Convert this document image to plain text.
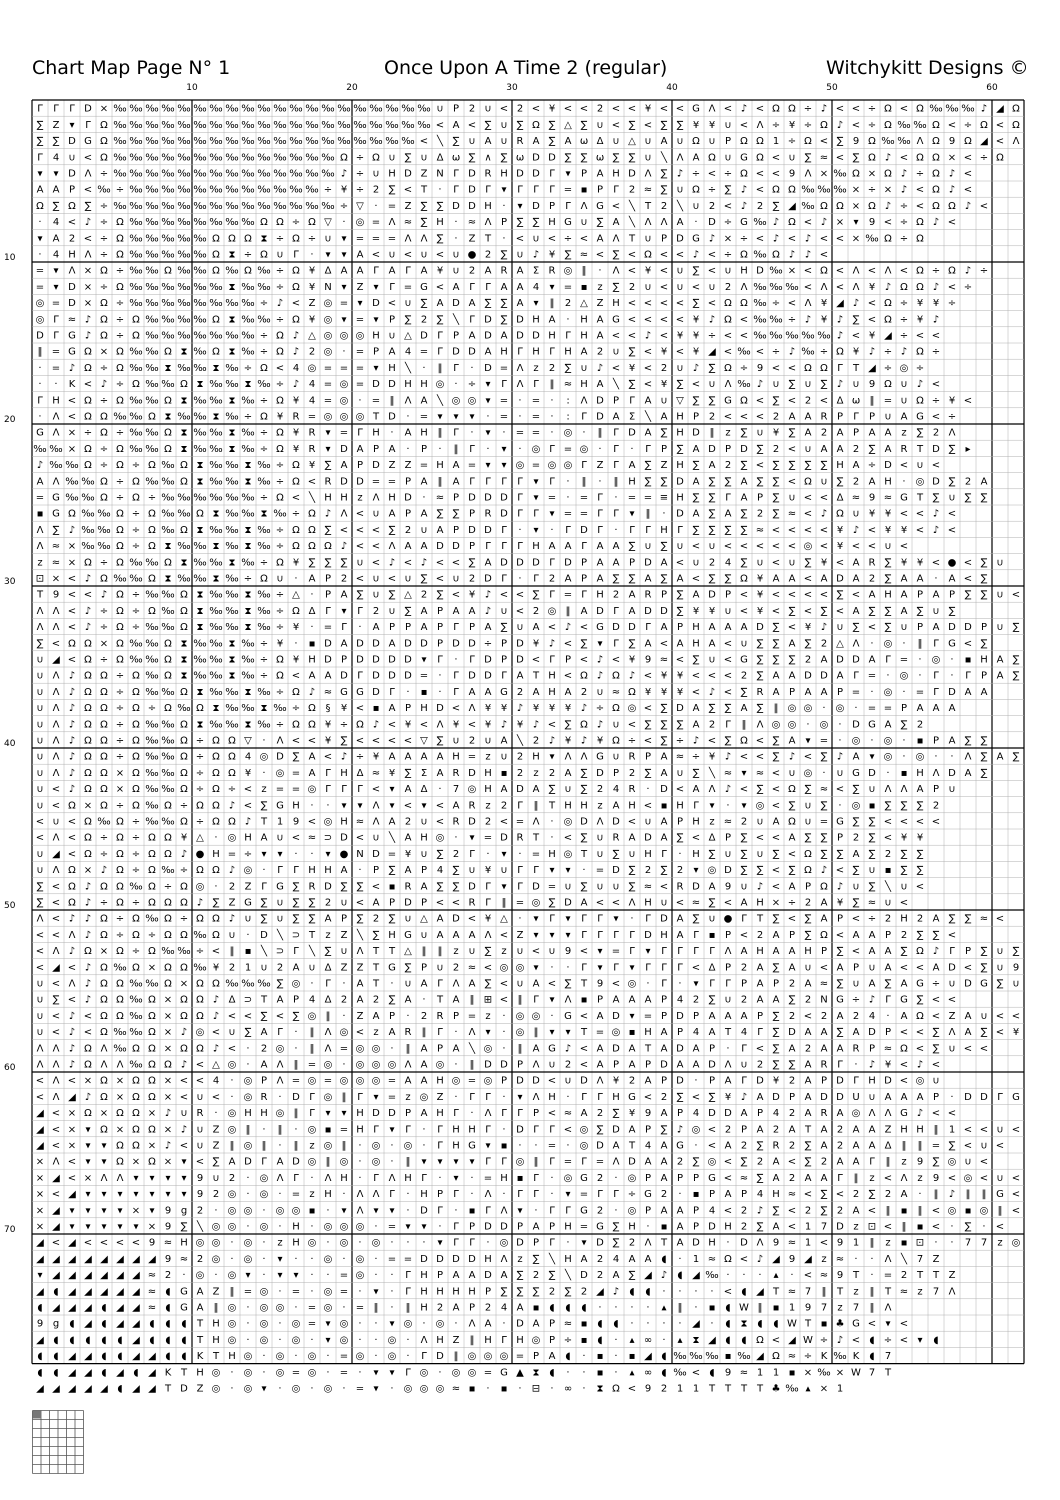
Chart Map Page N° 1	Once Upon A Time 2 (regular)	Witchykitt Designs ©
10	20	30	40	50	60
10
20
30
40
50
60
70
Γ Γ Γ D × ‰ ‰ ‰ ‰ ‰ ‰ ‰ ‰ ‰ ‰ ‰ ‰ ‰ ‰ ‰ ‰ ‰ ‰ ‰ ‰ ∪ P 2 ∪ < 2 < ¥ < < 2 < < ¥ < < G Λ < ♪ < Ω Ω ÷ ♪ < < ÷ Ω < Ω ‰ ‰ ‰ ♪ ◢ Ω
∑ Z ▾ Γ Ω ‰ ‰ ‰ ‰ ‰ ‰ ‰ ‰ ‰ ‰ ‰ ‰ ‰ ‰ ‰ ‰ ‰ ‰ ‰ ‰ < A < ∑ ∪ ∑ Ω ∑ △ ∑ ∪ < ∑ < ∑ ∑ ¥ ¥ ∪ < Λ ÷ ¥ ÷ Ω ♪ < ÷ Ω ‰ ‰ Ω < ÷ Ω < Ω
∑ ∑ D G Ω ‰ ‰ ‰ ‰ ‰ ‰ ‰ ‰ ‰ ‰ ‰ ‰ ‰ ‰ ‰ ‰ ‰ ‰ ‰ < ╲ ∑ ∪ A ∪ R A ∑ Α ω Δ ∪ △ ∪ A ∪ Ω ∪ Ρ Ω Ω 1 ÷ Ω < ∑ 9 Ω ‰ ‰ Λ Ω 9 Ω ◢ < Λ
Γ 4 ∪ < Ω ‰ ‰ ‰ ‰ ‰ ‰ ‰ ‰ ‰ ‰ ‰ ‰ ‰ ‰ Ω ÷ Ω ∪ ∑ ∪ Δ ω ∑ ∧ ∑ ω D D ∑ ∑ ω ∑ ∑ ∪ ╲ Λ Α Ω ∪ G Ω < ∪ ∑ ≈ < ∑ Ω ♪ < Ω Ω × < ÷ Ω
▾ ▾ D Λ ÷ ‰ ‰ ‰ ‰ ‰ ‰ ‰ ‰ ‰ ‰ ‰ ‰ ‰ ‰ ♪ ÷ ∪ H D Z N Γ D R H D D Γ ▾ P A H D Λ ∑ ♪ ÷ < ÷ Ω < < 9 Λ × ‰ Ω × Ω ♪ ÷ Ω ♪ <
A A P < ‰ ÷ ‰ ‰ ‰ ‰ ‰ ‰ ‰ ‰ ‰ ‰ ‰ ‰ ÷ ¥ ÷ 2 ∑ < T · Γ D Γ ▾ Γ Γ Γ = ▪ P Γ 2 ≈ ∑ ∪ Ω ÷ ∑ ♪ < Ω Ω ‰ ‰ ‰ × ÷ × ♪ < Ω ♪ <
Ω ∑ Ω ∑ ÷ ‰ ‰ ‰ ‰ ‰ ‰ ‰ ‰ ‰ ‰ ‰ ‰ ‰ ‰ ÷ ▽ · = Z ∑ ∑ D D H · ▾ D P Γ Λ G < ╲ T 2 ╲ ∪ 2 < ♪ 2 ∑ ◢ ‰ Ω Ω × Ω ♪ ÷ < Ω Ω ♪ <
· 4 < ♪ ÷ Ω ‰ ‰ ‰ ‰ ‰ ‰ ‰ ‰ Ω Ω ÷ Ω ▽ · ◎ = Λ ≈ ∑ H · ≈ Λ P ∑ ∑ H G ∪ ∑ A ╲ Λ Λ A · D ÷ G ‰ ♪ Ω < ♪ × ▾ 9 < ÷ Ω ♪ <
▾ A 2 < ÷ Ω ‰ ‰ ‰ ‰ ‰ Ω Ω Ω ⧗ ÷ Ω ÷ ∪ ▾ = = = Λ Λ ∑ · Z T · < ∪ < ÷ < A Λ T ∪ P D G ♪ × ÷ < ♪ < ♪ < < × ‰ Ω ÷ Ω
· 4 H Λ ÷ Ω ‰ ‰ ‰ ‰ ‰ Ω ⧗ ÷ Ω ∪ Γ · ▾ ▾ A < ∪ < ∪ < ∪ ● 2 ∑ ∪ ♪ ¥ ∑ ≈ < ∑ < Ω < < ♪ < ÷ Ω ‰ Ω ♪ ♪ <
= ▾ Λ × Ω ÷ ‰ ‰ Ω ‰ ‰ Ω ‰ Ω ‰ ÷ Ω ¥ Δ Α Α Γ Α Γ Α ¥ ∪ 2 A R A Σ R ◎ ‖ · Λ < ¥ < ∪ ∑ < ∪ H D ‰ × < Ω < Λ < Λ < Ω ÷ Ω ♪ ÷
= ▾ D × ÷ Ω ‰ ‰ ‰ ‰ ‰ ‰ ⧗ ‰ ‰ ÷ Ω ¥ N ▾ Z ▾ Γ = G < Α Γ Γ Α A 4 ▾ = ▪ z ∑ 2 ∪ < ∪ < ∪ 2 Λ ‰ ‰ ‰ < Λ < Λ ¥ ♪ Ω Ω ♪ < ÷
◎ = D × Ω ÷ ‰ ‰ ‰ ‰ ‰ ‰ ‰ ‰ ÷ ♪ < Z ◎ = ▾ D < ∪ ∑ A D A ∑ ∑ A ▾ ‖ 2 △ Z H < < < < ∑ < Ω Ω ‰ ÷ < Λ ¥ ◢ ♪ < Ω ÷ ¥ ¥ ÷
◎ Γ ≈ ♪ Ω ÷ Ω ‰ ‰ ‰ ‰ Ω ⧗ ‰ ‰ ÷ Ω ¥ ◎ ▾ = ▾ P ∑ 2 ∑ ╲ Γ D ∑ D H A · H A G < < < < ¥ ♪ Ω < ‰ ‰ ÷ ♪ ¥ ♪ ∑ < Ω ÷ ¥ ♪
D Γ G ♪ Ω ÷ Ω ‰ ‰ ‰ ‰ ‰ ‰ ‰ ÷ Ω ♪ △ ◎ ◎ ◎ H ∪ △ D Γ P A D A D D H Γ H A < < ♪ < ¥ ¥ ÷ < < ‰ ‰ ‰ ‰ ‰ ♪ < ¥ ◢ ÷ < <
‖ = G Ω × Ω ‰ ‰ Ω ⧗ ‰ Ω ⧗ ‰ ÷ Ω ♪ 2 ◎ · = Ρ Α 4 = Γ D D A H Γ H Γ H A 2 ∪ ∑ < ¥ < ¥ ◢ < ‰ < ÷ ♪ ‰ ÷ Ω ¥ ♪ ÷ ♪ Ω ÷
· = ♪ Ω ÷ Ω ‰ ‰ ⧗ ‰ ‰ ⧗ ‰ ÷ Ω < 4 ◎ = = = ▾ H ╲ · ‖ Γ · D = Λ z 2 ∑ ∪ ♪ < ¥ < 2 ∪ ♪ ∑ Ω ÷ 9 < < Ω Ω Γ T ◢ ÷ ◎ ÷
· · K < ♪ ÷ Ω ‰ ‰ Ω ⧗ ‰ ‰ ⧗ ‰ ÷ ♪ 4 = ◎ = D D H H ◎ · ÷ ▾ Γ Λ Γ ‖ ≈ H A ╲ ∑ < ¥ ∑ < ∪ Λ ‰ ♪ ∪ ∑ ∪ ∑ ♪ ∪ 9 Ω ∪ ♪ <
Γ H < Ω ÷ Ω ‰ ‰ Ω ⧗ ‰ ‰ ⧗ ‰ ÷ Ω ¥ 4 = ◎ · = ‖ Λ A ╲ ◎ ◎ ▾ = · = · : Λ D P Γ Α ∪ ▽ ∑ ∑ G Ω < ∑ < 2 < Δ ω ‖ = ∪ Ω ÷ ¥ <
· Λ < Ω Ω ‰ ‰ Ω ⧗ ‰ ‰ ⧗ ‰ ÷ Ω ¥ R = ◎ ◎ ◎ T D · = ▾ ▾ ▾ · = · = · : Γ D A Σ ╲ A H P 2 < < < 2 A A R P Γ P ∪ A G < ÷
G Λ × ÷ Ω ÷ ‰ ‰ Ω ⧗ ‰ ‰ ⧗ ‰ ÷ Ω ¥ R ▾ = Γ H · A H ‖ Γ · ▾ · = = · ◎ · ‖ Γ D A ∑ H D ‖ z ∑ ∪ ¥ ∑ A 2 A P A A z ∑ 2 Λ
‰ ‰ × Ω ÷ Ω ‰ ‰ Ω ⧗ ‰ ‰ ⧗ ‰ ÷ Ω ¥ R ▾ D A P A · P · ‖ Γ · ▾ · ◎ Γ = ◎ · Γ · Γ P ∑ A D P D ∑ 2 < ∪ A A 2 ∑ A R T D ∑ ▸
♪ ‰ ‰ Ω ÷ Ω ÷ Ω ‰ Ω ⧗ ‰ ‰ ⧗ ‰ ÷ Ω ¥ ∑ A P D Z Z = H A = ▾ ▾ ◎ = ◎ ◎ Γ Z Γ A ∑ Z H ∑ A 2 ∑ < ∑ ∑ ∑ ∑ H A ÷ D < ∪ <
A Λ ‰ ‰ Ω ÷ Ω ‰ ‰ Ω ⧗ ‰ ‰ ⧗ ‰ ÷ Ω < R D D = = Ρ Α ‖ A Γ Γ Γ Γ ▾ Γ · ‖ · ‖ H ∑ ∑ D A ∑ ∑ A ∑ ∑ < Ω ∪ ∑ 2 A H · ◎ D ∑ 2 A
= G ‰ ‰ Ω ÷ Ω ÷ ‰ ‰ ‰ ‰ ‰ ‰ ÷ Ω < ╲ H H z Λ H D · ≈ P D D D Γ ▾ = · = Γ · = = ≡ H ∑ ∑ Γ A P ∑ ∪ < < Δ ≈ 9 ≈ G T ∑ ∪ ∑ ∑
▪ G Ω ‰ ‰ Ω ÷ Ω ‰ ‰ Ω ⧗ ‰ ‰ ⧗ ‰ ÷ Ω ♪ Λ < ∪ A P A ∑ ∑ P R D Γ Γ ▾ = = Γ Γ ▾ ‖ · D A ∑ A ∑ 2 ∑ ≈ < ♪ Ω ∪ ¥ ¥ < < ♪ <
Λ ∑ ♪ ‰ ‰ Ω ÷ Ω ‰ Ω ⧗ ‰ ‰ ⧗ ‰ ÷ Ω Ω ∑ < < < ∑ 2 ∪ A P D D Γ · ▾ · Γ D Γ · Γ Γ H Γ ∑ ∑ ∑ ∑ ≈ < < < < ¥ ♪ < ¥ ¥ < ♪ <
Λ ≈ × ‰ ‰ Ω ÷ Ω ⧗ ‰ ‰ ⧗ ‰ ⧗ ‰ ÷ Ω Ω Ω ♪ < < Λ A A D D P Γ Γ Γ H A A Γ A A ∑ ∪ ∑ ∪ < ∪ < < < < < ◎ < ¥ < < ∪ <
z ≈ × Ω ÷ Ω ‰ ‰ Ω ⧗ ‰ ‰ ⧗ ‰ ÷ Ω ¥ ∑ ∑ ∑ ∪ < ♪ < ♪ < < ∑ A D D D Γ D P A A P D A < ∪ 2 4 ∑ ∪ < ∪ ∑ ¥ < A R ∑ ¥ ¥ < ● < ∑ ∪
⊡ × < ♪ Ω ‰ ‰ Ω ⧗ ‰ ‰ ⧗ ‰ ÷ Ω ∪ · A P 2 < ∪ < ∪ ∑ < ∪ 2 D Γ · Γ 2 A P A ∑ ∑ A ∑ A < ∑ ∑ Ω ¥ A A < A D A 2 ∑ A A · A < ∑
T 9 < < ♪ Ω ÷ ‰ ‰ Ω ⧗ ‰ ‰ ⧗ ‰ ÷ △ · P A ∑ ∪ ∑ △ 2 ∑ < ¥ ♪ < < ∑ Γ = Γ H 2 A R P ∑ A D P < ¥ < < < < ∑ < A H A P A P ∑ ∑ ∪ <
Λ Λ < ♪ ÷ Ω ÷ Ω ‰ Ω ⧗ ‰ ‰ ⧗ ‰ ÷ Ω Δ Γ ▾ Γ 2 ∪ ∑ A P A A ♪ ∪ < 2 ◎ ‖ A D Γ A D D ∑ ¥ ¥ ∪ < ¥ < ∑ < ∑ < A ∑ ∑ A ∑ ∪ ∑
Λ Λ < ♪ ÷ Ω ÷ ‰ ‰ Ω ⧗ ‰ ‰ ⧗ ‰ ÷ ¥ · = Γ · Α P P A P Γ P A ∑ ∪ Α < ♪ < G D D Γ Α P H A A A D ∑ < ¥ ♪ ∪ ∑ < ∑ ∪ P A D D P ∪ ∑
∑ < Ω Ω × Ω ‰ ‰ Ω ⧗ ‰ ‰ ⧗ ‰ ÷ ¥ · ▪ D A D D A D D P D D ÷ P D ¥ ♪ < ∑ ▾ Γ ∑ Α < A H A < ∪ ∑ ∑ A ∑ 2 △ Λ · ◎ · ‖ Γ G < ∑
∪ ◢ < Ω ÷ Ω ‰ ‰ Ω ⧗ ‰ ‰ ⧗ ‰ ÷ Ω ¥ H D P D D D D ▾ Γ · Γ D P D < Γ P < ♪ < ¥ 9 ≈ < ∑ ∪ < G ∑ ∑ ∑ 2 A D D A Γ = · ◎ · ▪ H A ∑
∪ Λ ♪ Ω Ω ÷ Ω ‰ Ω ⧗ ‰ ‰ ⧗ ‰ ÷ Ω < A A D Γ D D D = · Γ D D Γ A T H < Ω ♪ Ω ♪ < ¥ ¥ < < < 2 ∑ A A D D A Γ = · ◎ · Γ · Γ P A ∑
∪ Λ ♪ Ω Ω ÷ Ω ‰ ‰ Ω ⧗ ‰ ‰ ⧗ ‰ ÷ Ω ♪ ≈ G G D Γ · ▪ · Γ A A G 2 A H A 2 ∪ ≈ Ω ¥ ¥ ¥ < ♪ < ∑ R A P A A P = · ◎ · = Γ D A A
∪ Λ ♪ Ω Ω ÷ Ω ÷ Ω ‰ Ω ⧗ ‰ ‰ ⧗ ‰ ÷ Ω § ¥ < ▪ A P H D < Λ ¥ ¥ ♪ ¥ ¥ ¥ ♪ ÷ Ω ◎ < ∑ D A ∑ ∑ A ∑ ‖ ◎ ◎ · ◎ · = = P A A A
∪ Λ ♪ Ω Ω ÷ Ω ‰ ‰ Ω ⧗ ‰ ‰ ⧗ ‰ ÷ Ω Ω ¥ ÷ Ω ♪ < ¥ < Λ ¥ < ¥ ♪ ¥ ♪ < ∑ Ω ♪ ∪ < ∑ ∑ ∑ A 2 Γ ‖ Λ ◎ ◎ · ◎ · D G A ∑ 2
∪ Λ ♪ Ω Ω ÷ Ω ‰ ‰ Ω ÷ Ω Ω ▽ · Λ < < ¥ ∑ < < < < ▽ ∑ ∪ 2 ∪ A ╲ 2 ♪ ¥ ♪ ¥ Ω ÷ < ∑ ÷ ♪ < ∑ Ω < ∑ A ▾ = · ◎ · ◎ · ▪ P A ∑ ∑
∪ Λ ♪ Ω Ω ÷ Ω ‰ ‰ Ω ÷ Ω Ω 4 ◎ D ∑ Α < ♪ ÷ ¥ A A A A H = z ∪ 2 H ▾ Λ Λ G ∪ R P A ≈ ÷ ¥ ♪ < < ∑ ♪ < ∑ ♪ A ▾ ◎ · ◎ · · Λ ∑ A ∑
∪ Λ ♪ Ω Ω × Ω ‰ ‰ Ω ÷ Ω Ω ¥ · ◎ = Α Γ H Δ ≈ ¥ ∑ Σ A R D H ▪ 2 z 2 A ∑ D P 2 ∑ A ∪ ∑ ╲ ≈ ▾ ≈ < ∪ ◎ · ∪ G D · ▪ H Λ D A ∑
∪ < ♪ Ω Ω × Ω ‰ ‰ Ω ÷ Ω ÷ < z = = ◎ Γ Γ Γ < ▾ Α Δ · 7 ◎ H A D A ∑ ∪ ∑ 2 4 R · D < A Λ ♪ < ∑ < Ω ∑ ≈ < ∑ ∪ Λ Λ A P ∪
∪ < Ω × Ω ÷ Ω ‰ Ω ÷ Ω Ω ♪ < ∑ G H · · ▾ ▾ Λ ▾ < ▾ < A R z 2 Γ ‖ T H H z A H < ▪ H Γ ▾ · ▾ ◎ < ∑ ∪ ∑ · ◎ ▪ ∑ ∑ ∑ 2
< ∪ < Ω ‰ Ω ÷ ‰ ‰ Ω ÷ Ω Ω ♪ T 1 9 < ◎ H ≈ Λ A 2 ∪ < R D 2 < = Λ · ◎ D Λ D < ∪ A P H z ≈ 2 ∪ A Ω ∪ = G ∑ ∑ < < < <
< Λ < Ω ÷ Ω ÷ Ω Ω ¥ △ · ◎ H A ∪ < ≈ ⊃ D < ∪ ╲ A H ◎ · ▾ = D R T · < ∑ ∪ R A D A ∑ < Δ P ∑ < < A ∑ ∑ P 2 ∑ < ¥ ¥
∪ ◢ < Ω ÷ Ω ÷ Ω Ω ♪ ● H = ÷ ▾ ▾ · · ▾ ● N D = ¥ ∪ ∑ 2 Γ · ▾ · = H ◎ T ∪ ∑ ∪ H Γ · H ∑ ∪ ∑ ∪ ∑ < Ω ∑ ∑ A ∑ 2 ∑ ∑
∪ Λ Ω × ♪ Ω ÷ Ω ‰ ÷ Ω Ω ♪ ◎ · Γ Γ H H A · P ∑ A P 4 ∑ ∪ ¥ ∪ Γ Γ ▾ ▾ · = D ∑ 2 ∑ 2 ▾ ◎ D ∑ ∑ < ∑ Ω ♪ < ∑ ∪ ▪ ∑ ∑
∑ < Ω ♪ Ω Ω ‰ Ω ÷ Ω ◎ · 2 Z Γ G ∑ R D ∑ ∑ < ▪ R A ∑ ∑ D Γ ▾ Γ D = ∪ ∑ ∪ ∪ ∑ ≈ < R D A 9 ∪ ♪ < A P Ω ♪ ∪ ∑ ╲ ∪ <
∑ < Ω ♪ ÷ Ω ÷ Ω Ω Ω ♪ ∑ Z G ∑ ∪ ∑ ∑ 2 ∪ < A P D P < < R Γ ‖ = ◎ ∑ D A < < Λ H ∪ < ≈ ∑ < A H × ÷ 2 A ¥ ∑ ≈ ∪ <
Λ < ♪ ♪ Ω ÷ Ω ‰ Ω ÷ Ω Ω ♪ ∪ ∑ ∪ ∑ ∑ A P ∑ 2 ∑ ∪ △ A D < ¥ △ · ▾ Γ ▾ Γ Γ ▾ · Γ D A ∑ ∪ ● Γ T ∑ < ∑ A P < ÷ 2 H 2 A ∑ ∑ ≈ <
< < Λ ♪ Ω ÷ Ω ÷ Ω Ω ‰ Ω ∪ · D ╲ ⊃ T z Z ╲ ∑ H G ∪ A A A Λ < Z ▾ ▾ ▾ Γ Γ Γ Γ D H A Γ ▪ P < 2 A P ∑ Ω < A A P 2 ∑ ∑ <
< Λ ♪ Ω × Ω ÷ Ω ‰ ‰ ÷ < ‖ ▪ ╲ ⊃ Γ ╲ ∑ ∪ Λ T T △ ‖ ‖ z ∪ ∑ z ∪ < ∪ 9 < ▾ = Γ ▾ Γ Γ Γ Γ Λ Α H A A H P ∑ < A A ∑ Ω ♪ Γ P ∑ ∪ ∑
< ◢ < ♪ Ω ‰ Ω × Ω Ω ‰ ¥ 2 1 ∪ 2 A ∪ Δ Z Z T G ∑ P ∪ 2 ≈ < ◎ ◎ ▾ · · Γ ▾ Γ ▾ Γ Γ Γ < Δ P 2 A ∑ A ∪ < A P ∪ A < < A D < ∑ ∪ 9
∪ < Λ ♪ Ω Ω ‰ ‰ Ω × Ω Ω ‰ ‰ ‰ ∑ ◎ · Γ · Α T · ∪ Α Γ Λ A ∑ < ∪ A < ∑ T 9 < ◎ · Γ · ▾ Γ Γ P A P 2 A ≈ ∑ ∪ A ∑ A G ÷ ∪ D G ∑ ∪
∪ ∑ < ♪ Ω Ω ‰ Ω × Ω Ω ♪ Δ ⊃ T A P 4 Δ 2 A 2 ∑ A · T A ‖ ⊞ < ‖ Γ ▾ Λ ▪ P A A A P 4 2 ∑ ∪ 2 A A ∑ 2 N G ÷ ♪ Γ G ∑ < <
∪ < ♪ < Ω Ω ‰ Ω × Ω Ω ♪ < < ∑ < ∑ ◎ ‖ · Z A P · 2 R P = z · ◎ ◎ · G < A D ▾ = P D P A A A P ∑ 2 < 2 A 2 4 · A Ω < Z A ∪ < <
∪ < ♪ < Ω ‰ ‰ Ω × ♪ ◎ < ∪ ∑ A Γ · ‖ Λ ◎ < z A R ‖ Γ · Λ ▾ · ◎ ‖ ▾ ▾ T = ◎ ▪ H A P 4 A T 4 Γ ∑ D A A ∑ A D P < < ∑ Λ A ∑ < ¥
Λ Λ ♪ Ω Λ ‰ Ω Ω × Ω Ω ♪ < · 2 ◎ · ‖ Λ = ◎ ◎ · ‖ A P A ╲ ◎ · ‖ A G ♪ < A D A T A D A P · Γ < ∑ A 2 A A R P ≈ Ω < ∑ ∪ < <
Λ Λ ♪ Ω Λ Λ ‰ Ω Ω ♪ < △ ◎ · A Λ ‖ = ◎ · ◎ ◎ ◎ Λ Α ◎ · ‖ D D P Λ ∪ 2 < A P A P D A A D Λ ∪ 2 ∑ ∑ A R Γ · ♪ ¥ < ♪ <
< Λ < × Ω × Ω Ω × < < 4 · ◎ P Λ = ◎ = ◎ ◎ ◎ = A A H ◎ = ◎ P D D < ∪ D Λ ¥ 2 A P D · P A Γ D ¥ 2 A P D Γ H D < ◎ ∪
< Λ ◢ ♪ Ω × Ω Ω × < ∪ < · ◎ R · D Γ ◎ ‖ Γ ▾ = z ◎ Z · Γ Γ · ▾ Λ H · Γ Γ H G < 2 ∑ < ∑ ¥ ♪ A D P A D D U ∪ A A A P · D D Γ G
◢ < × Ω × Ω Ω × ♪ ∪ R · ◎ H H ◎ ‖ Γ ▾ ▾ H D D P A H Γ · Λ Γ Γ P < ≈ A 2 ∑ ¥ 9 A P 4 D D A P 4 2 A R A ◎ Λ Λ G ♪ < <
◢ < × ▾ Ω × Ω Ω × ♪ ∪ Z ◎ ‖ · ‖ · ◎ ▪ = H Γ ▾ Γ · Γ H H Γ · D Γ Γ < ◎ ∑ D A P ∑ ♪ ◎ < 2 P A 2 A T A 2 A A Z H H ‖ 1 < < ∪ <
◢ < × ▾ ▾ Ω Ω × ♪ < ∪ Z ‖ ◎ ‖ · ‖ z ◎ ‖ · ◎ · ◎ · Γ H G ▾ ▪ · · = · ◎ D A T 4 A G · < A 2 ∑ R 2 ∑ A 2 A A Δ ‖ ‖ = ∑ < ∪ <
× Λ < ▾ ▾ Ω × Ω × ▾ < ∑ A D Γ Α D ◎ ‖ ◎ · ◎ · ‖ ▾ ▾ ▾ ▾ Γ Γ ◎ ‖ Γ = Γ = Λ D A A 2 ∑ ◎ < ∑ 2 A < ∑ 2 Α Α Γ ‖ z 9 ∑ ◎ ∪ <
× ◢ < × Λ Λ ▾ ▾ ▾ ▾ 9 ∪ 2 · ◎ Λ Γ · Λ H · Γ Λ H Γ · ▾ · = H ▪ Γ · ◎ G 2 · ◎ P A P P G < ≈ ∑ A 2 A Α Γ ‖ z < Λ z 9 < ◎ < ∪ <
× < ◢ ▾ ▾ ▾ ▾ ▾ ▾ ▾ 9 2 ◎ · ◎ · = z H · Λ Λ Γ · H P Γ · Λ · Γ Γ · ▾ = Γ Γ ÷ G 2 · ▪ P A P 4 H ≈ < ∑ < 2 ∑ 2 A · ‖ ♪ ‖ ‖ G <
× ◢ ▾ ▾ ▾ ▾ × ▾ 9 g 2 · ◎ ◎ · ◎ ◎ ▪ · ▾ Λ ▾ ▾ · D Γ · ▪ Γ Λ ▾ · Γ Γ G 2 · ◎ P A A P 4 < 2 ♪ ∑ < 2 ∑ 2 A < ‖ ▪ ‖ < ◎ ▪ ◎ ‖ <
× ◢ ▾ ▾ ▾ ▾ ▾ × 9 ∑ ╲ ◎ ◎ · ◎ · H · ◎ ◎ ◎ · = ▾ ▾ · Γ P D D P A P H = G ∑ H · ▪ A P D H 2 ∑ A < 1 7 D z ⊡ < ‖ ▪ < · ∑ · <
◢ < ◢ < < < < 9 ≈ H ◎ ◎ · ◎ · z H ◎ · ◎ · ◎ · · · ▾ Γ Γ · ◎ D P Γ · ▾ D ∑ 2 Λ T A D H · D Λ 9 ≈ 1 < 9 1 ‖ z ▪ ⊡ · · 7 7 z ◎
◢ ◢ ◢ ◢ ◢ ◢ ◢ ◢ 9 ≈ 2 ◎ · ◎ · ▾ · · ◎ · ◎ · = = D D D D H Λ z ∑ ╲ H A 2 4 A A ◖ · 1 ≈ Ω < ♪ ◢ 9 ◢ z ≈ · · Λ ╲ 7 Z
▾ ◢ ◢ ◢ ◢ ◢ ◢ ≈ 2 · ◎ · ◎ ▾ · ▾ ▾ · · = ◎ · · Γ H P A A D A ∑ 2 ∑ ╲ D 2 A ∑ ◢ ♪ ◖ ◢ ‰ · · · ▴ · < ≈ 9 T · = 2 T T Z
◢ ◖ ◢ ◢ ◢ ◢ ◢ ≈ ◖ G A Z ‖ = ◎ · = · ◎ = · ▾ · Γ H H H H P ∑ ∑ ∑ 2 ∑ 2 ◢ ♪ ◖ ◖ · · · · < ◖ ◢ T ≈ 7 ‖ T z ‖ Τ ≈ z 7 Λ
◖ ◢ ◢ ◢ ◖ ◢ ◢ ≈ ◖ G A ‖ ◎ · ◎ ◎ · = ◎ · = ‖ · ‖ H 2 A P 2 4 A ▪ ◖ ◖ ◖ · · · · ▴ ‖ · ▪ ◖ W ‖ ▪ 1 9 7 z 7 ‖ Λ
9 g ◖ ◢ ◖ ◢ ◢ ◖ ◖ ◖ T H ◎ · ◎ · ◎ = ▾ ◎ · · ▾ ◎ · ◎ · Λ A · D A P ≈ ▪ ◖ ◖ · · · · ◢ · ◖ ⧗ ◖ ◖ W T ▪ ♣ G < ▾ <
◢ ◖ ◖ ◖ ◖ ◖ ◢ ◖ ◖ ◖ T H ◎ · ◎ · ◎ · ▾ ◎ · · ◎ · Λ H Z ‖ H Γ H ◎ P ÷ ▪ ◖ · ▴ ∞ · ▴ ⧗ ◢ ◖ ◖ Ω < ◢ W ÷ ♪ < ◖ ÷ < ▾ ◖
◖ ◖ ◢ ◢ ◖ ◖ ◢ ◢ ◖ ◖ K T H ◎ · ◎ · ◎ · = ◎ · ◎ · Γ D ‖ ◎ ◎ ◎ = P A ◖ · ▪ · ▪ ◢ ◖ ‰ ‰ ‰ ▪ ‰ ◢ Ω ≈ ÷ K ‰ K ◖ 7
◖ ◖ ◢ ◢ ◖ ◢ ◖ ◢ K T H ◎ · ◎ · ◎ = ◎ · = · ▾ ▾ Γ ◎ · ◎ ◎ = G ▲ ⧗ ◖ · · ▪ · ▴ ∞ ◖ ‰ < ◖ 9 ≈ 1 1 ▪ × ‰ × W 7 T
◢ ◢ ◢ ◢ ◢ ◖ ◢ ◢ T D Z ◎ · ◎ ▾ · ◎ · ◎ · = ▾ · ◎ ◎ ◎ ≈ ▪ · ▪ · ⊟ · ∞ · ⧗ Ω < 9 2 1 1 T T T T ♣ ‰ ▴ × 1
